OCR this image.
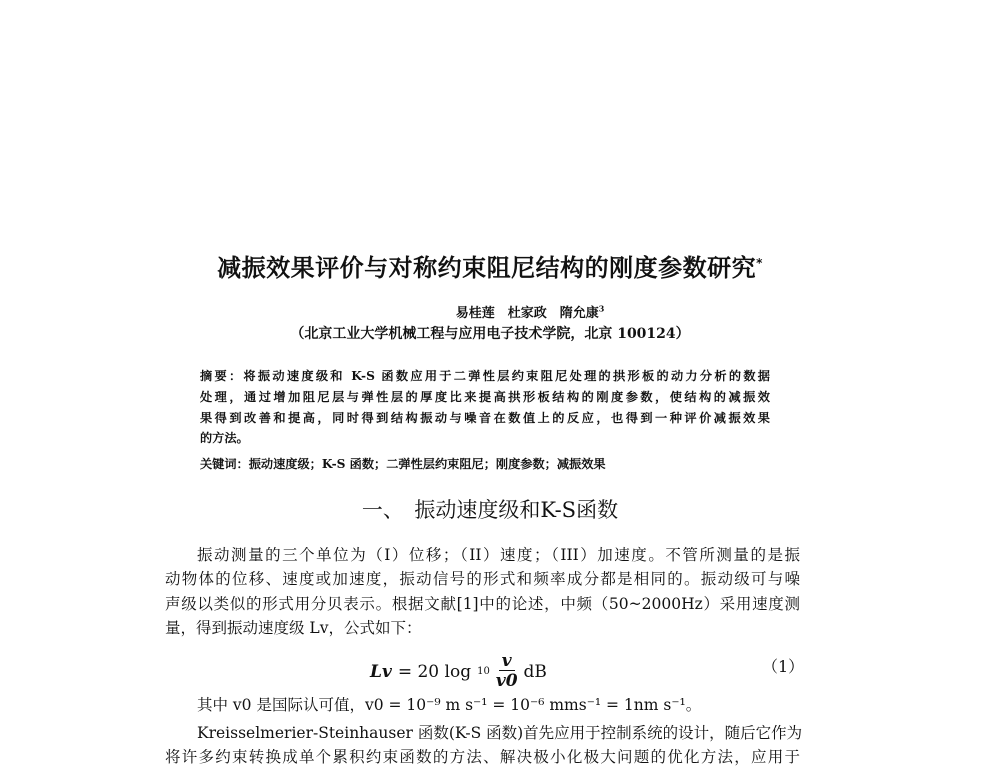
减振效果评价与对称约束阻尼结构的刚度参数研究*
易桂莲　杜家政　隋允康$^3$
（北京工业大学机械工程与应用电子技术学院，北京 100124）
摘要：将振动速度级和 K-S 函数应用于二弹性层约束阻尼处理的拱形板的动力分析的数据
处理，通过增加阻尼层与弹性层的厚度比来提高拱形板结构的刚度参数，使结构的减振效
果得到改善和提高，同时得到结构振动与噪音在数值上的反应，也得到一种评价减振效果
的方法。
关键词：振动速度级；K-S 函数；二弹性层约束阻尼；刚度参数；减振效果
一、　振动速度级和K-S函数
振动测量的三个单位为（I）位移；（II）速度；（III）加速度。不管所测量的是振
动物体的位移、速度或加速度，振动信号的形式和频率成分都是相同的。振动级可与噪
声级以类似的形式用分贝表示。根据文献[1]中的论述，中频（50~2000Hz）采用速度测
量，得到振动速度级 Lv，公式如下：
Lv = 20 $\log 10 \frac{v}{v0}$ dB	（1）
其中 v0 是国际认可值，v0 = 10⁻⁹ m s⁻¹ = 10⁻⁶ mms⁻¹ = 1nm s⁻¹。
Kreisselmerier-Steinhauser 函数(K-S 函数)首先应用于控制系统的设计，随后它作为
将许多约束转换成单个累积约束函数的方法、解决极小化极大问题的优化方法，应用于
